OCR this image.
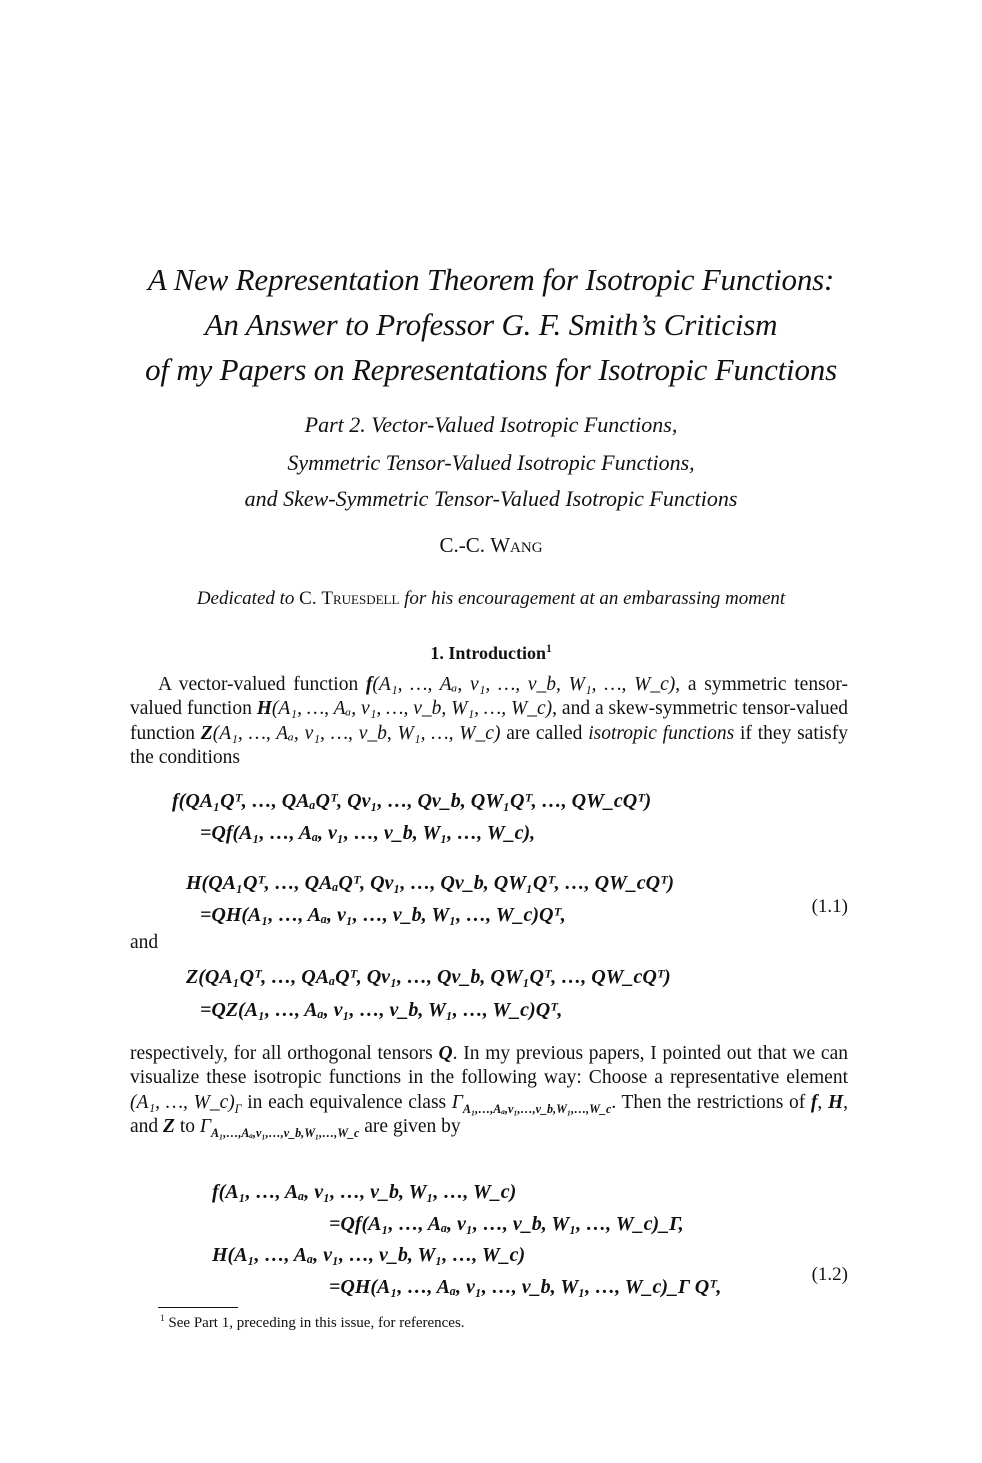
A New Representation Theorem for Isotropic Functions:
An Answer to Professor G. F. Smith’s Criticism
of my Papers on Representations for Isotropic Functions
Part 2. Vector-Valued Isotropic Functions,
Symmetric Tensor-Valued Isotropic Functions,
and Skew-Symmetric Tensor-Valued Isotropic Functions
C.-C. Wang
Dedicated to C. Truesdell for his encouragement at an embarassing moment
1. Introduction$^1$
A vector-valued function f(A₁, …, Aₐ, v₁, …, v_b, W₁, …, W_c), a symmetric tensor-valued function H(A₁, …, Aₐ, v₁, …, v_b, W₁, …, W_c), and a skew-symmetric tensor-valued function Z(A₁, …, Aₐ, v₁, …, v_b, W₁, …, W_c) are called isotropic functions if they satisfy the conditions
f(QA₁Qᵀ, …, QAₐQᵀ, Qv₁, …, Qv_b, QW₁Qᵀ, …, QW_cQᵀ)
=Qf(A₁, …, Aₐ, v₁, …, v_b, W₁, …, W_c),
H(QA₁Qᵀ, …, QAₐQᵀ, Qv₁, …, Qv_b, QW₁Qᵀ, …, QW_cQᵀ)
=QH(A₁, …, Aₐ, v₁, …, v_b, W₁, …, W_c)Qᵀ,	(1.1)
and
Z(QA₁Qᵀ, …, QAₐQᵀ, Qv₁, …, Qv_b, QW₁Qᵀ, …, QW_cQᵀ)
=QZ(A₁, …, Aₐ, v₁, …, v_b, W₁, …, W_c)Qᵀ,
respectively, for all orthogonal tensors Q. In my previous papers, I pointed out that we can visualize these isotropic functions in the following way: Choose a representative element (A₁, …, $W\_c)_\Gamma$ in each equivalence class $\Gamma_{A_1,\dots,A_a,v_1,\dots,v\_b,W_1,\dots,W\_c}$. Then the restrictions of f, H, and Z to $\Gamma_{A_1,\dots,A_a,v_1,\dots,v\_b,W_1,\dots,W\_c}$ are given by
f(A₁, …, Aₐ, v₁, …, v_b, W₁, …, W_c)
=Qf(A₁, …, Aₐ, v₁, …, v_b, W₁, …, W_c)_Γ,
H(A₁, …, Aₐ, v₁, …, v_b, W₁, …, W_c)
=QH(A₁, …, Aₐ, v₁, …, v_b, W₁, …, W_c)_Γ Qᵀ,
(1.2)
$^1$ See Part 1, preceding in this issue, for references.
